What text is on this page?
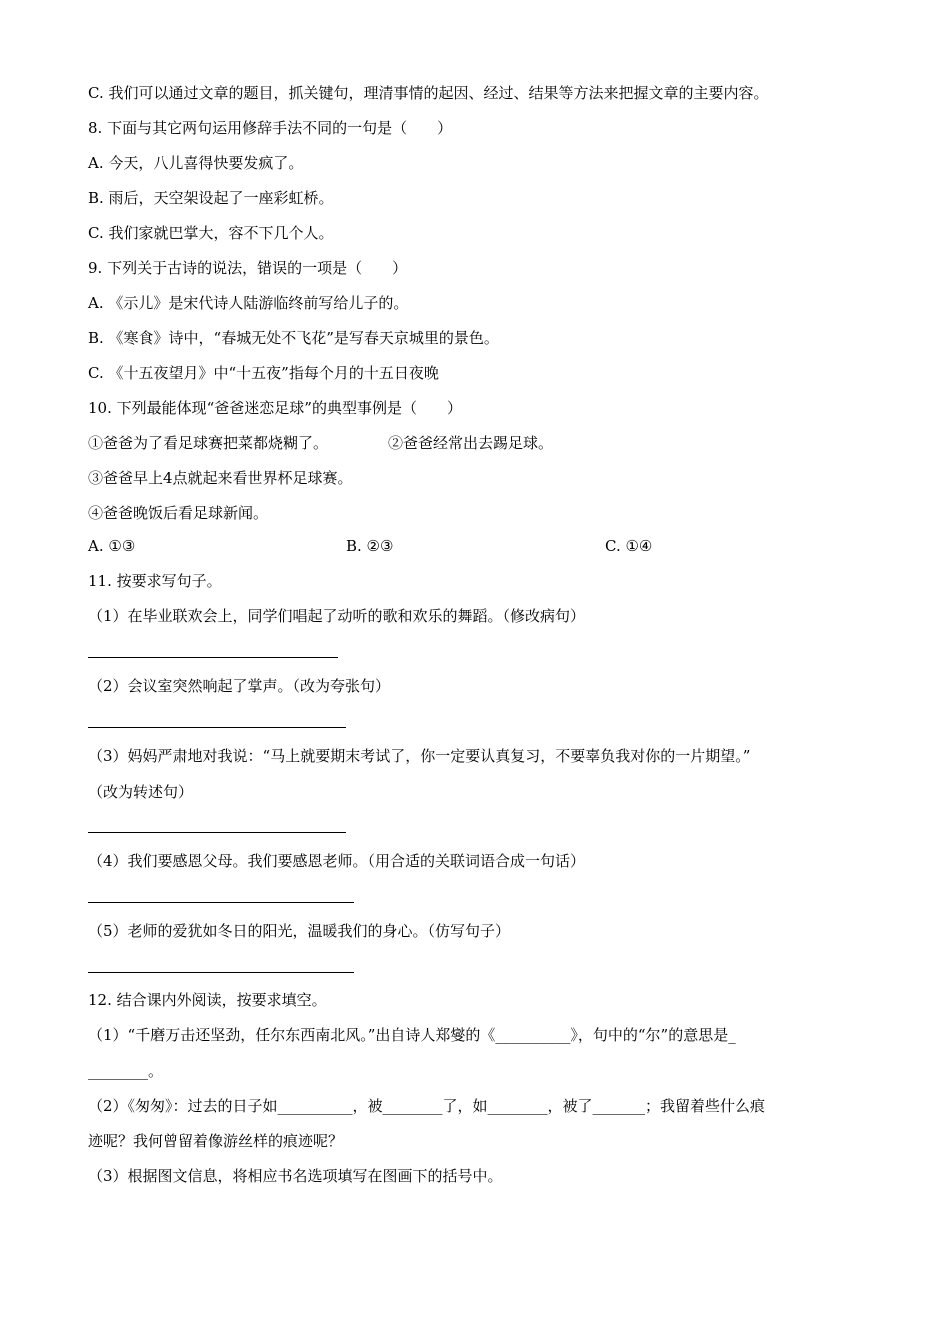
C. 我们可以通过文章的题目，抓关键句，理清事情的起因、经过、结果等方法来把握文章的主要内容。
8. 下面与其它两句运用修辞手法不同的一句是（　　）
A. 今天，八儿喜得快要发疯了。
B. 雨后，天空架设起了一座彩虹桥。
C. 我们家就巴掌大，容不下几个人。
9. 下列关于古诗的说法，错误的一项是（　　）
A. 《示儿》是宋代诗人陆游临终前写给儿子的。
B. 《寒食》诗中，“春城无处不飞花”是写春天京城里的景色。
C. 《十五夜望月》中“十五夜”指每个月的十五日夜晚
10. 下列最能体现“爸爸迷恋足球”的典型事例是（　　）
①爸爸为了看足球赛把菜都烧糊了。	②爸爸经常出去踢足球。
③爸爸早上4点就起来看世界杯足球赛。
④爸爸晚饭后看足球新闻。
A. ①③	B. ②③	C. ①④
11. 按要求写句子。
（1）在毕业联欢会上，同学们唱起了动听的歌和欢乐的舞蹈。（修改病句）
（2）会议室突然响起了掌声。（改为夸张句）
（3）妈妈严肃地对我说：“马上就要期末考试了，你一定要认真复习，不要辜负我对你的一片期望。”
（改为转述句）
（4）我们要感恩父母。我们要感恩老师。（用合适的关联词语合成一句话）
（5）老师的爱犹如冬日的阳光，温暖我们的身心。（仿写句子）
12. 结合课内外阅读，按要求填空。
（1）“千磨万击还坚劲，任尔东西南北风。”出自诗人郑燮的《__________》，句中的“尔”的意思是_
________。
（2）《匆匆》：过去的日子如__________，被________了，如________，被了_______；我留着些什么痕
迹呢？我何曾留着像游丝样的痕迹呢？
（3）根据图文信息，将相应书名选项填写在图画下的括号中。
